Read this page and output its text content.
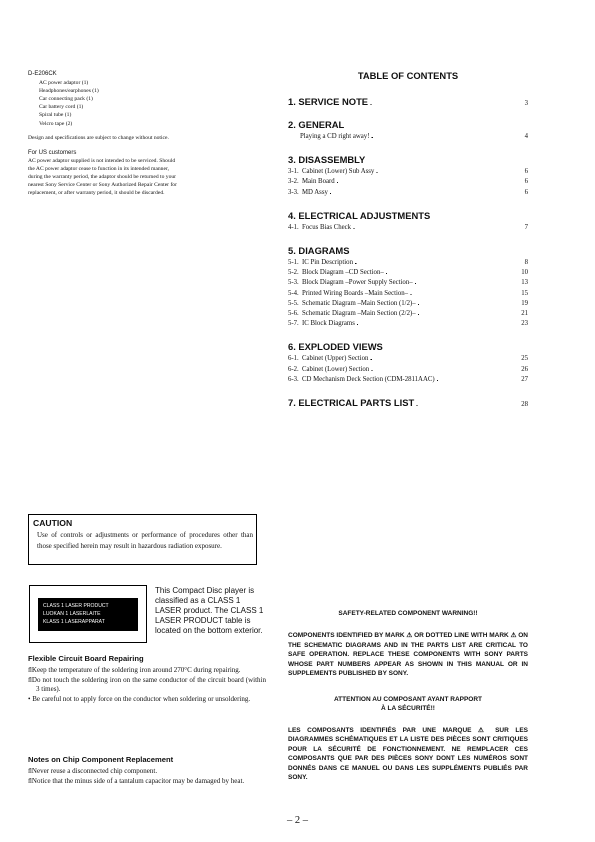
D-E206CK
AC power adaptor (1)
Headphones/earphones (1)
Car connecting pack (1)
Car battery cord (1)
Spiral tube (1)
Velcro tape (2)
Design and specifications are subject to change without notice.
For US customers
AC power adaptor supplied is not intended to be serviced. Should the AC power adaptor cease to function in its intended manner, during the warranty period, the adaptor should be returned to your nearest Sony Service Center or Sony Authorized Repair Center for replacement, or after warranty period, it should be discarded.
TABLE OF CONTENTS
1. SERVICE NOTE . . .	3
2. GENERAL
Playing a CD right away! . . .	4
3. DISASSEMBLY
3-1. Cabinet (Lower) Sub Assy . . .	6
3-2. Main Board . . .	6
3-3. MD Assy . . .	6
4. ELECTRICAL ADJUSTMENTS
4-1. Focus Bias Check . . .	7
5. DIAGRAMS
5-1. IC Pin Description . . .	8
5-2. Block Diagram –CD Section– . . .	10
5-3. Block Diagram –Power Supply Section– . . .	13
5-4. Printed Wiring Boards –Main Section– . . .	15
5-5. Schematic Diagram –Main Section (1/2)– . . .	19
5-6. Schematic Diagram –Main Section (2/2)– . . .	21
5-7. IC Block Diagrams . . .	23
6. EXPLODED VIEWS
6-1. Cabinet (Upper) Section . . .	25
6-2. Cabinet (Lower) Section . . .	26
6-3. CD Mechanism Deck Section (CDM-2811AAC) . . .	27
7. ELECTRICAL PARTS LIST . . .	28
CAUTION
Use of controls or adjustments or performance of procedures other than those specified herein may result in hazardous radiation exposure.
CLASS 1 LASER PRODUCT
LUOKAN 1 LASERLAITE
KLASS 1 LASERAPPARAT
This Compact Disc player is classified as a CLASS 1 LASER product. The CLASS 1 LASER PRODUCT table is located on the bottom exterior.
Flexible Circuit Board Repairing
ﬂKeep the temperature of the soldering iron around 270°C during repairing.
ﬂDo not touch the soldering iron on the same conductor of the circuit board (within 3 times).
• Be careful not to apply force on the conductor when soldering or unsoldering.
Notes on Chip Component Replacement
ﬂNever reuse a disconnected chip component.
ﬂNotice that the minus side of a tantalum capacitor may be damaged by heat.
SAFETY-RELATED COMPONENT WARNING!!
COMPONENTS IDENTIFIED BY MARK ⚠ OR DOTTED LINE WITH MARK ⚠ ON THE SCHEMATIC DIAGRAMS AND IN THE PARTS LIST ARE CRITICAL TO SAFE OPERATION. REPLACE THESE COMPONENTS WITH SONY PARTS WHOSE PART NUMBERS APPEAR AS SHOWN IN THIS MANUAL OR IN SUPPLEMENTS PUBLISHED BY SONY.
ATTENTION AU COMPOSANT AYANT RAPPORT
À LA SÉCURITÉ!!
LES COMPOSANTS IDENTIFIÉS PAR UNE MARQUE ⚠ SUR LES DIAGRAMMES SCHÉMATIQUES ET LA LISTE DES PIÈCES SONT CRITIQUES POUR LA SÉCURITÉ DE FONCTIONNEMENT. NE REMPLACER CES COMPOSANTS QUE PAR DES PIÈCES SONY DONT LES NUMÉROS SONT DONNÉS DANS CE MANUEL OU DANS LES SUPPLÉMENTS PUBLIÉS PAR SONY.
– 2 –
